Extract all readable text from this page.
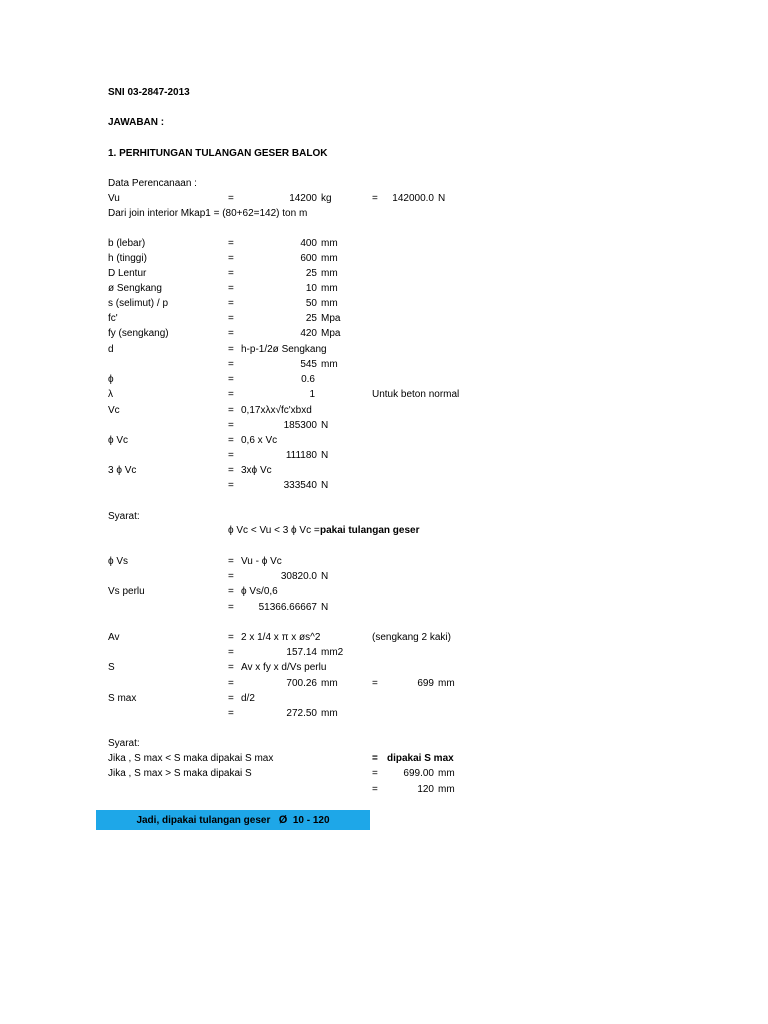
SNI 03-2847-2013
JAWABAN :
1. PERHITUNGAN TULANGAN GESER BALOK
Data Perencanaan :
Vu	=	14200 kg	=	142000.0 N
Dari join interior Mkap1 = (80+62=142) ton m
b (lebar)	=	400 mm
h (tinggi)	=	600 mm
D Lentur	=	25 mm
ø Sengkang	=	10 mm
s (selimut) / p	=	50 mm
fc'	=	25 Mpa
fy (sengkang)	=	420 Mpa
d	= h-p-1/2ø Sengkang
=	545 mm
ϕ	=	0.6
λ	=	1	Untuk beton normal
Vc	= 0,17xλx√fc'xbxd
=	185300 N
ϕ Vc	= 0,6 x Vc
=	111180 N
3 ϕ Vc	= 3xϕ Vc
=	333540 N
Syarat:
ϕ Vc < Vu < 3 ϕ Vc = pakai tulangan geser
ϕ Vs	= Vu - ϕ Vc
=	30820.0 N
Vs perlu	= ϕ Vs/0,6
=	51366.66667 N
Av	= 2 x 1/4 x π x øs^2	(sengkang 2 kaki)
=	157.14 mm2
S	= Av x fy x d/Vs perlu
=	700.26 mm	=	699 mm
S max	= d/2
=	272.50 mm
Syarat:
Jika , S max < S maka dipakai S max	= dipakai S max
Jika , S max > S maka dipakai S	=	699.00 mm
=	120 mm
Jadi, dipakai tulangan geser Ø 10 - 120
